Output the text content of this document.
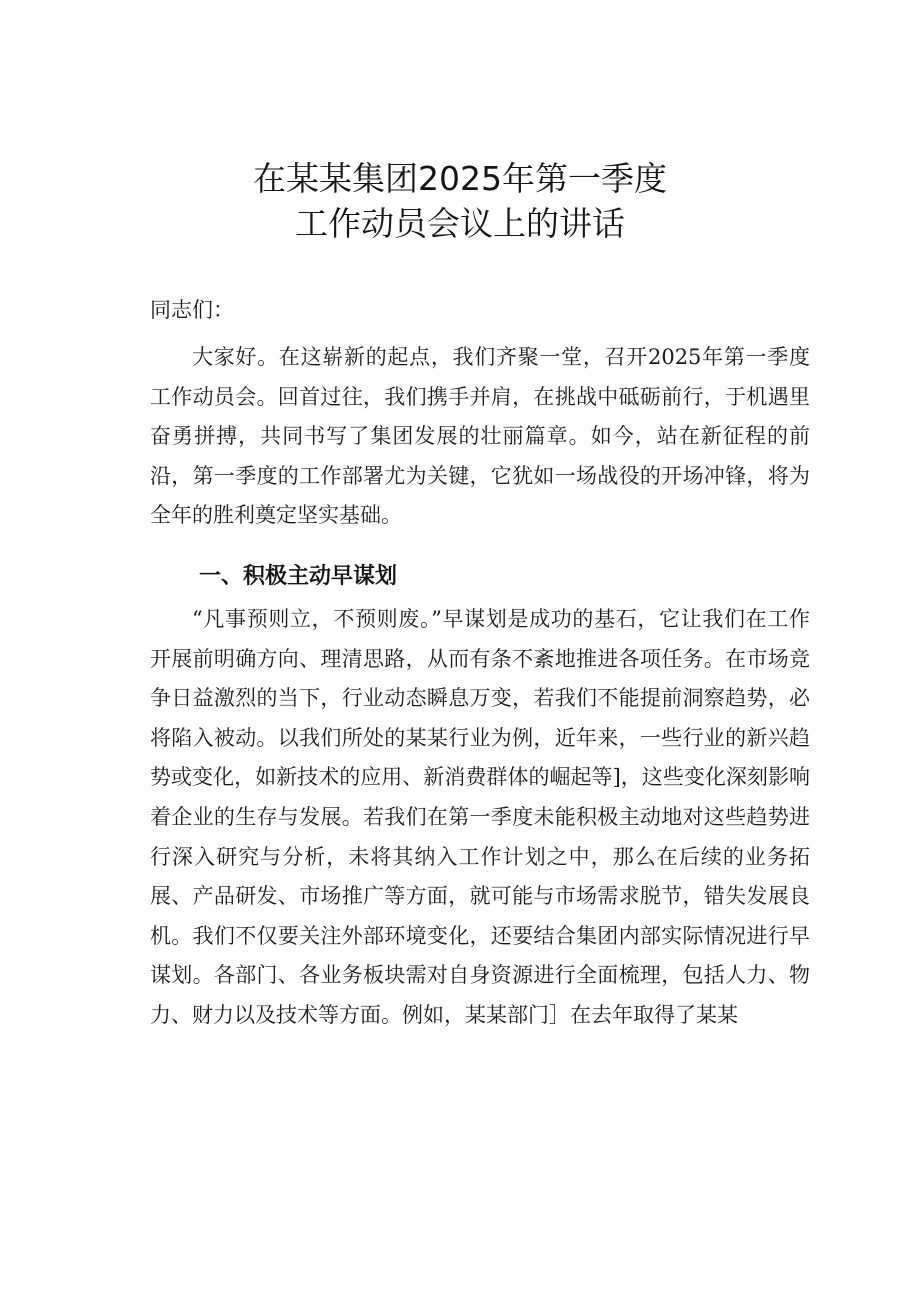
在某某集团2025年第一季度
工作动员会议上的讲话
同志们：
大家好。在这崭新的起点，我们齐聚一堂，召开2025年第一季度工作动员会。回首过往，我们携手并肩，在挑战中砥砺前行，于机遇里奋勇拼搏，共同书写了集团发展的壮丽篇章。如今，站在新征程的前沿，第一季度的工作部署尤为关键，它犹如一场战役的开场冲锋，将为全年的胜利奠定坚实基础。
一、积极主动早谋划
“凡事预则立，不预则废。”早谋划是成功的基石，它让我们在工作开展前明确方向、理清思路，从而有条不紊地推进各项任务。在市场竞争日益激烈的当下，行业动态瞬息万变，若我们不能提前洞察趋势，必将陷入被动。以我们所处的某某行业为例，近年来，一些行业的新兴趋势或变化，如新技术的应用、新消费群体的崛起等]，这些变化深刻影响着企业的生存与发展。若我们在第一季度未能积极主动地对这些趋势进行深入研究与分析，未将其纳入工作计划之中，那么在后续的业务拓展、产品研发、市场推广等方面，就可能与市场需求脱节，错失发展良机。我们不仅要关注外部环境变化，还要结合集团内部实际情况进行早谋划。各部门、各业务板块需对自身资源进行全面梳理，包括人力、物力、财力以及技术等方面。例如，某某部门］在去年取得了某某
